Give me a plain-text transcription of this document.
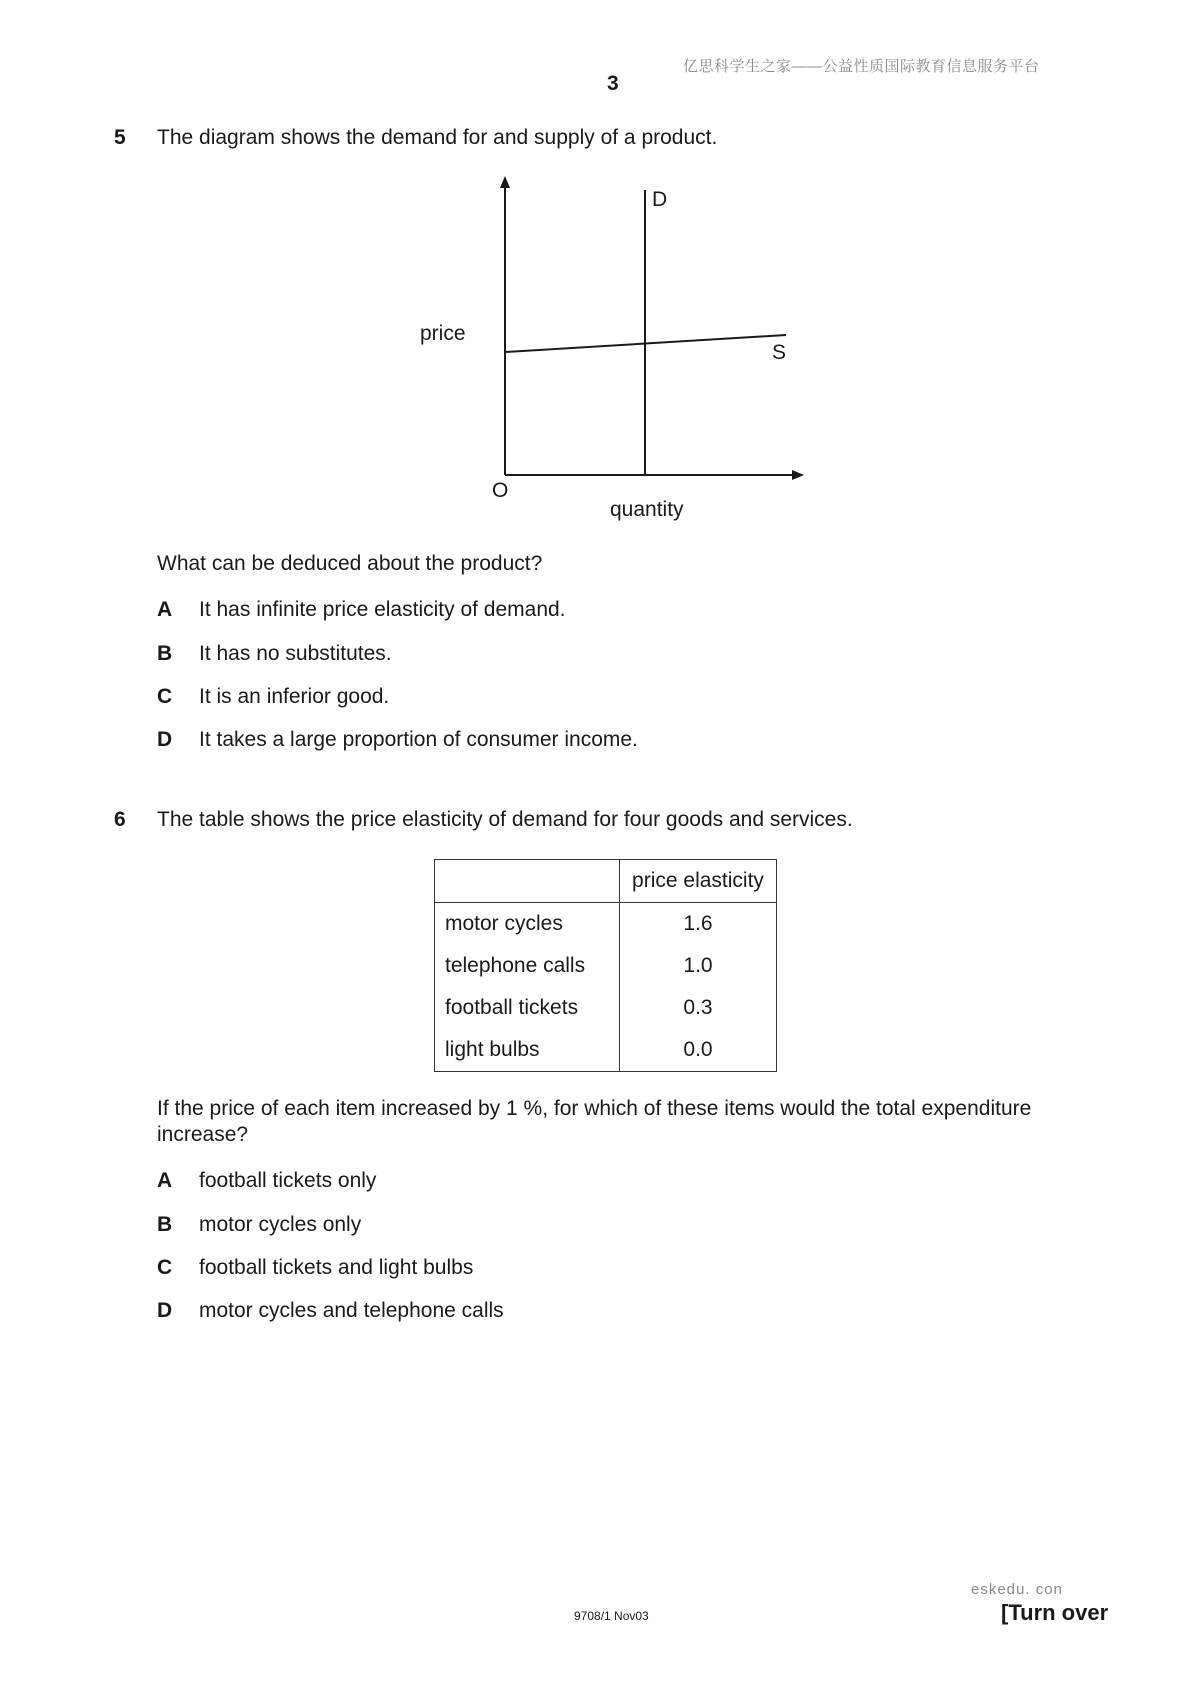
亿思科学生之家——公益性质国际教育信息服务平台
3
5 The diagram shows the demand for and supply of a product.
D
S
price
O
quantity
What can be deduced about the product?
A It has infinite price elasticity of demand.
B It has no substitutes.
C It is an inferior good.
D It takes a large proportion of consumer income.
6 The table shows the price elasticity of demand for four goods and services.
	price elasticity
motor cycles	1.6
telephone calls	1.0
football tickets	0.3
light bulbs	0.0
If the price of each item increased by 1 %, for which of these items would the total expenditure
increase?
A football tickets only
B motor cycles only
C football tickets and light bulbs
D motor cycles and telephone calls
9708/1 Nov03
eskedu. con
[Turn over
